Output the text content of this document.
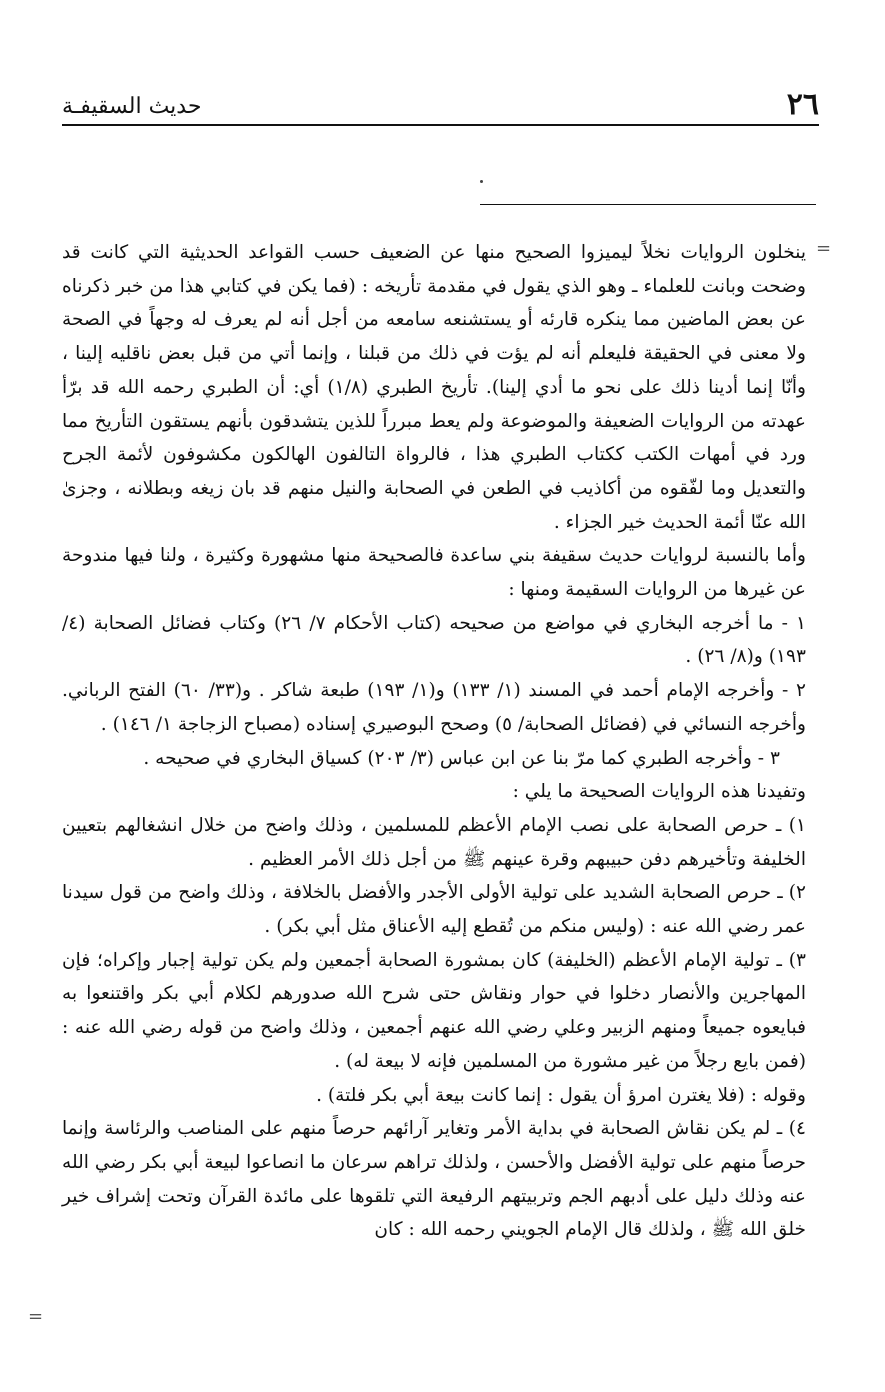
٢٦
حديث السقيفـة
=
=

ينخلون الروايات نخلاً ليميزوا الصحيح منها عن الضعيف حسب القواعد الحديثية التي كانت قد وضحت وبانت للعلماء ـ وهو الذي يقول في مقدمة تأريخه : (فما يكن في كتابي هذا من خبر ذكرناه عن بعض الماضين مما ينكره قارئه أو يستشنعه سامعه من أجل أنه لم يعرف له وجهاً في الصحة ولا معنى في الحقيقة فليعلم أنه لم يؤت في ذلك من قبلنا ، وإنما أتي من قبل بعض ناقليه إلينا ، وأنّا إنما أدينا ذلك على نحو ما أدي إلينا). تأريخ الطبري (١/٨) أي: أن الطبري رحمه الله قد برّأ عهدته من الروايات الضعيفة والموضوعة ولم يعط مبرراً للذين يتشدقون بأنهم يستقون التأريخ مما ورد في أمهات الكتب ككتاب الطبري هذا ، فالرواة التالفون الهالكون مكشوفون لأئمة الجرح والتعديل وما لفّقوه من أكاذيب في الطعن في الصحابة والنيل منهم قد بان زيغه وبطلانه ، وجزىٰ الله عنّا أئمة الحديث خير الجزاء .

وأما بالنسبة لروايات حديث سقيفة بني ساعدة فالصحيحة منها مشهورة وكثيرة ، ولنا فيها مندوحة عن غيرها من الروايات السقيمة ومنها :

١ - ما أخرجه البخاري في مواضع من صحيحه (كتاب الأحكام ٧/ ٢٦) وكتاب فضائل الصحابة (٤/ ١٩٣) و(٨/ ٢٦) .

٢ - وأخرجه الإمام أحمد في المسند (١/ ١٣٣) و(١/ ١٩٣) طبعة شاكر . و(٣٣/ ٦٠) الفتح الرباني. وأخرجه النسائي في (فضائل الصحابة/ ٥) وصحح البوصيري إسناده (مصباح الزجاجة ١/ ١٤٦) .

٣ - وأخرجه الطبري كما مرّ بنا عن ابن عباس (٣/ ٢٠٣) كسياق البخاري في صحيحه .

وتفيدنا هذه الروايات الصحيحة ما يلي :

١) ـ حرص الصحابة على نصب الإمام الأعظم للمسلمين ، وذلك واضح من خلال انشغالهم بتعيين الخليفة وتأخيرهم دفن حبيبهم وقرة عينهم ﷺ من أجل ذلك الأمر العظيم .

٢) ـ حرص الصحابة الشديد على تولية الأولى الأجدر والأفضل بالخلافة ، وذلك واضح من قول سيدنا عمر رضي الله عنه : (وليس منكم من تُقطع إليه الأعناق مثل أبي بكر) .

٣) ـ تولية الإمام الأعظم (الخليفة) كان بمشورة الصحابة أجمعين ولم يكن تولية إجبار وإكراه؛ فإن المهاجرين والأنصار دخلوا في حوار ونقاش حتى شرح الله صدورهم لكلام أبي بكر واقتنعوا به فبايعوه جميعاً ومنهم الزبير وعلي رضي الله عنهم أجمعين ، وذلك واضح من قوله رضي الله عنه : (فمن بايع رجلاً من غير مشورة من المسلمين فإنه لا بيعة له) .

وقوله : (فلا يغترن امرؤ أن يقول : إنما كانت بيعة أبي بكر فلتة) .

٤) ـ لم يكن نقاش الصحابة في بداية الأمر وتغاير آرائهم حرصاً منهم على المناصب والرئاسة وإنما حرصاً منهم على تولية الأفضل والأحسن ، ولذلك تراهم سرعان ما انصاعوا لبيعة أبي بكر رضي الله عنه وذلك دليل على أدبهم الجم وتربيتهم الرفيعة التي تلقوها على مائدة القرآن وتحت إشراف خير خلق الله ﷺ ، ولذلك قال الإمام الجويني رحمه الله : كان
